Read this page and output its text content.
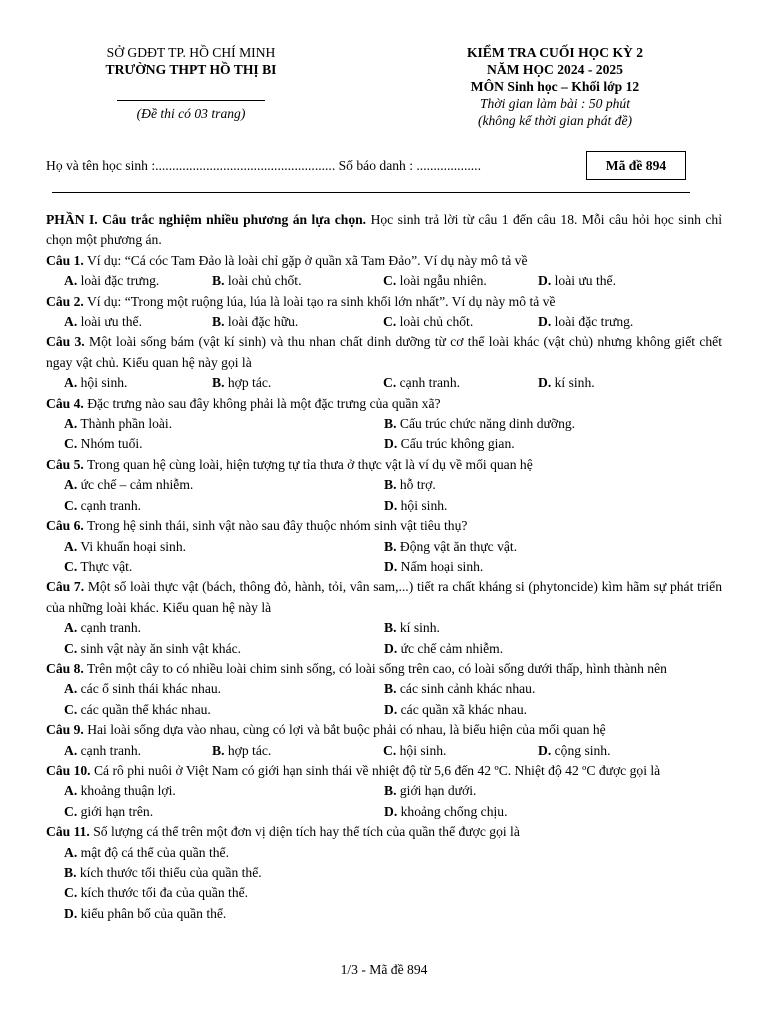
SỞ GDĐT TP. HỒ CHÍ MINH
TRƯỜNG THPT HỒ THỊ BI
(Đề thi có 03 trang)
KIỂM TRA CUỐI HỌC KỲ 2
NĂM HỌC 2024 - 2025
MÔN Sinh học – Khối lớp 12
Thời gian làm bài : 50 phút
(không kể thời gian phát đề)
Họ và tên học sinh :..................................................... Số báo danh : ...................	Mã đề 894

PHẦN I. Câu trắc nghiệm nhiều phương án lựa chọn. Học sinh trả lời từ câu 1 đến câu 18. Mỗi câu hỏi học sinh chỉ chọn một phương án.

Câu 1. Ví dụ: “Cá cóc Tam Đảo là loài chỉ gặp ở quần xã Tam Đảo”. Ví dụ này mô tả về

A. loài đặc trưng.	B. loài chủ chốt.	C. loài ngẫu nhiên.	D. loài ưu thế.

Câu 2. Ví dụ: “Trong một ruộng lúa, lúa là loài tạo ra sinh khối lớn nhất”. Ví dụ này mô tả về

A. loài ưu thế.	B. loài đặc hữu.	C. loài chủ chốt.	D. loài đặc trưng.

Câu 3. Một loài sống bám (vật kí sinh) và thu nhan chất dinh dưỡng từ cơ thể loài khác (vật chủ) nhưng không giết chết ngay vật chủ. Kiểu quan hệ này gọi là

A. hội sinh.	B. hợp tác.	C. cạnh tranh.	D. kí sinh.

Câu 4. Đặc trưng nào sau đây không phải là một đặc trưng của quần xã?

A. Thành phần loài.	B. Cấu trúc chức năng dinh dưỡng.
C. Nhóm tuổi.	D. Cấu trúc không gian.

Câu 5. Trong quan hệ cùng loài, hiện tượng tự tỉa thưa ở thực vật là ví dụ về mối quan hệ

A. ức chế – cảm nhiễm.	B. hỗ trợ.
C. cạnh tranh.	D. hội sinh.

Câu 6. Trong hệ sinh thái, sinh vật nào sau đây thuộc nhóm sinh vật tiêu thụ?

A. Vi khuẩn hoại sinh.	B. Động vật ăn thực vật.
C. Thực vật.	D. Nấm hoại sinh.

Câu 7. Một số loài thực vật (bách, thông đỏ, hành, tỏi, vân sam,...) tiết ra chất kháng si (phytoncide) kìm hãm sự phát triển của những loài khác. Kiểu quan hệ này là

A. cạnh tranh.	B. kí sinh.
C. sinh vật này ăn sinh vật khác.	D. ức chế cảm nhiễm.

Câu 8. Trên một cây to có nhiều loài chim sinh sống, có loài sống trên cao, có loài sống dưới thấp, hình thành nên

A. các ổ sinh thái khác nhau.	B. các sinh cảnh khác nhau.
C. các quần thể khác nhau.	D. các quần xã khác nhau.

Câu 9. Hai loài sống dựa vào nhau, cùng có lợi và bắt buộc phải có nhau, là biểu hiện của mối quan hệ

A. cạnh tranh.	B. hợp tác.	C. hội sinh.	D. cộng sinh.

Câu 10. Cá rô phi nuôi ở Việt Nam có giới hạn sinh thái về nhiệt độ từ 5,6 đến 42 ºC. Nhiệt độ 42 ºC được gọi là

A. khoảng thuận lợi.	B. giới hạn dưới.
C. giới hạn trên.	D. khoảng chống chịu.

Câu 11. Số lượng cá thể trên một đơn vị diện tích hay thể tích của quần thể được gọi là

A. mật độ cá thể của quần thể.
B. kích thước tối thiểu của quần thể.
C. kích thước tối đa của quần thể.
D. kiểu phân bố của quần thể.
1/3 - Mã đề 894
